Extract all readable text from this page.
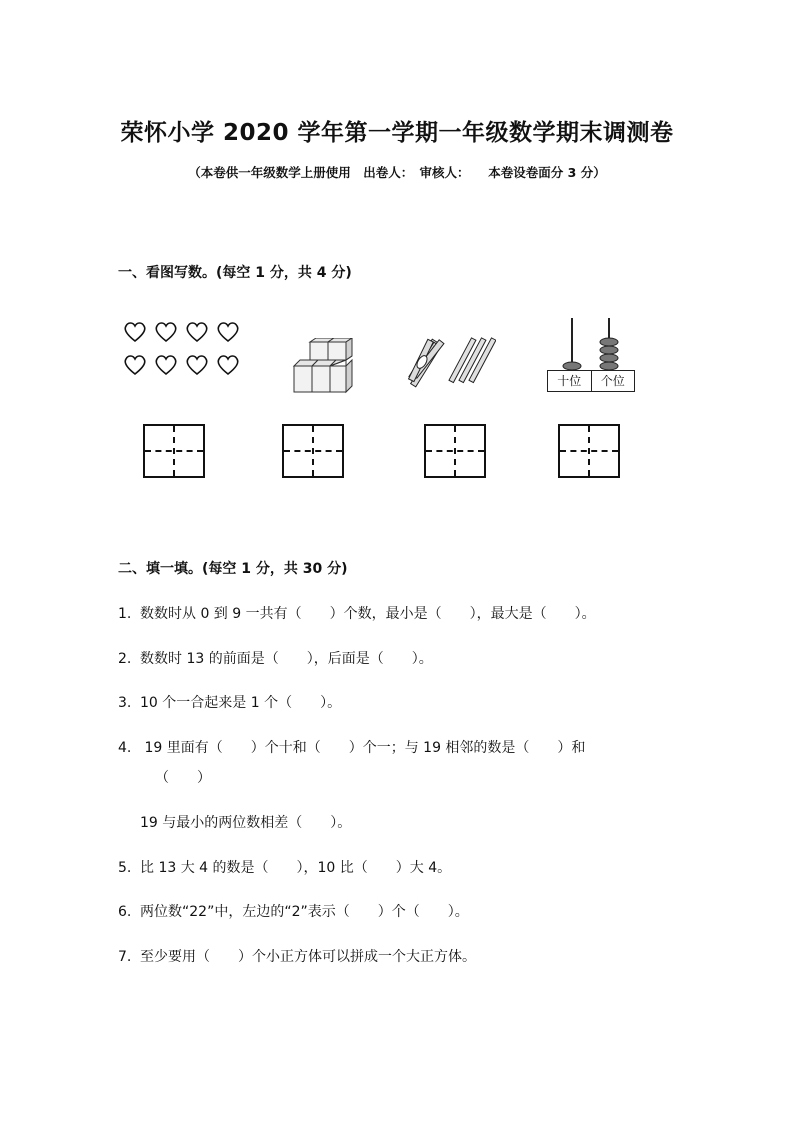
荣怀小学 2020 学年第一学期一年级数学期末调测卷

（本卷供一年级数学上册使用　出卷人：　审核人：　　本卷设卷面分 3 分）

一、看图写数。(每空 1 分，共 4 分)

十位	个位

二、填一填。(每空 1 分，共 30 分)

1. 数数时从 0 到 9 一共有（　　）个数，最小是（　　），最大是（　　）。

2. 数数时 13 的前面是（　　），后面是（　　）。

3. 10 个一合起来是 1 个（　　）。

4. 19 里面有（　　）个十和（　　）个一；与 19 相邻的数是（　　）和

（　　）

19 与最小的两位数相差（　　）。

5. 比 13 大 4 的数是（　　），10 比（　　）大 4。

6. 两位数“22”中，左边的“2”表示（　　）个（　　）。

7. 至少要用（　　）个小正方体可以拼成一个大正方体。
